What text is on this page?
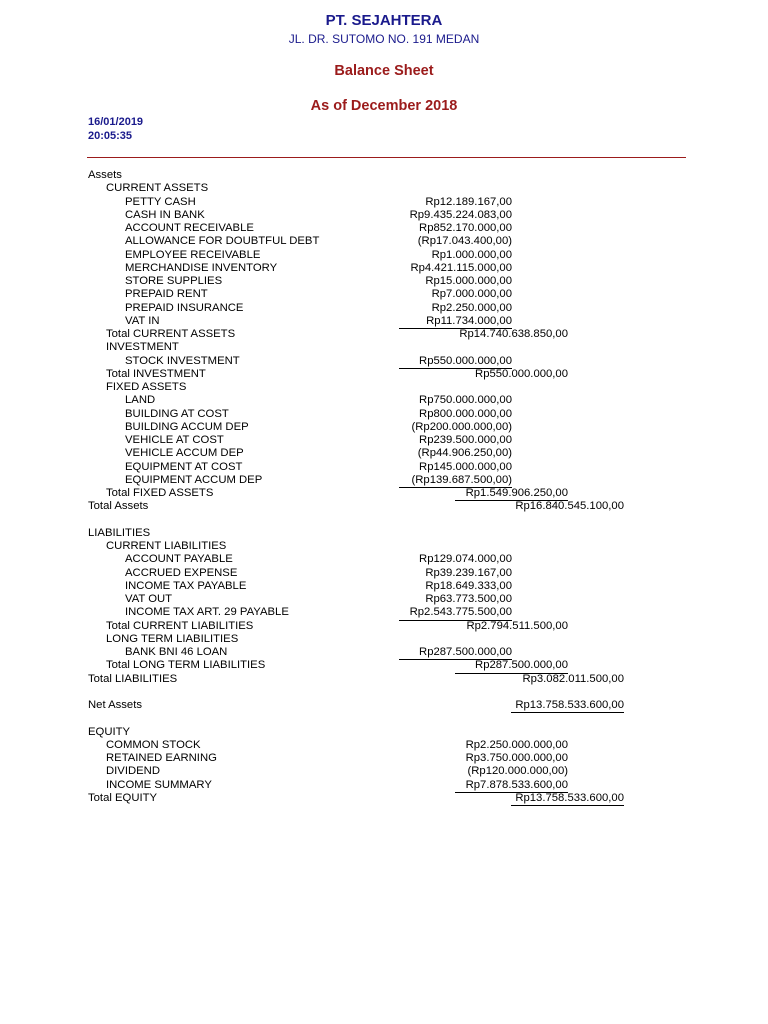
PT. SEJAHTERA
JL. DR. SUTOMO NO. 191 MEDAN
Balance Sheet
As of December 2018
16/01/2019
20:05:35
Assets
CURRENT ASSETS
PETTY CASH	Rp12.189.167,00
CASH IN BANK	Rp9.435.224.083,00
ACCOUNT RECEIVABLE	Rp852.170.000,00
ALLOWANCE FOR DOUBTFUL DEBT	(Rp17.043.400,00)
EMPLOYEE RECEIVABLE	Rp1.000.000,00
MERCHANDISE INVENTORY	Rp4.421.115.000,00
STORE SUPPLIES	Rp15.000.000,00
PREPAID RENT	Rp7.000.000,00
PREPAID INSURANCE	Rp2.250.000,00
VAT IN	Rp11.734.000,00
Total CURRENT ASSETS	Rp14.740.638.850,00
INVESTMENT
STOCK INVESTMENT	Rp550.000.000,00
Total INVESTMENT	Rp550.000.000,00
FIXED ASSETS
LAND	Rp750.000.000,00
BUILDING AT COST	Rp800.000.000,00
BUILDING ACCUM DEP	(Rp200.000.000,00)
VEHICLE AT COST	Rp239.500.000,00
VEHICLE ACCUM DEP	(Rp44.906.250,00)
EQUIPMENT AT COST	Rp145.000.000,00
EQUIPMENT ACCUM DEP	(Rp139.687.500,00)
Total FIXED ASSETS	Rp1.549.906.250,00
Total Assets	Rp16.840.545.100,00
LIABILITIES
CURRENT LIABILITIES
ACCOUNT PAYABLE	Rp129.074.000,00
ACCRUED EXPENSE	Rp39.239.167,00
INCOME TAX PAYABLE	Rp18.649.333,00
VAT OUT	Rp63.773.500,00
INCOME TAX ART. 29 PAYABLE	Rp2.543.775.500,00
Total CURRENT LIABILITIES	Rp2.794.511.500,00
LONG TERM LIABILITIES
BANK BNI 46 LOAN	Rp287.500.000,00
Total LONG TERM LIABILITIES	Rp287.500.000,00
Total LIABILITIES	Rp3.082.011.500,00
Net Assets	Rp13.758.533.600,00
EQUITY
COMMON STOCK	Rp2.250.000.000,00
RETAINED EARNING	Rp3.750.000.000,00
DIVIDEND	(Rp120.000.000,00)
INCOME SUMMARY	Rp7.878.533.600,00
Total EQUITY	Rp13.758.533.600,00
